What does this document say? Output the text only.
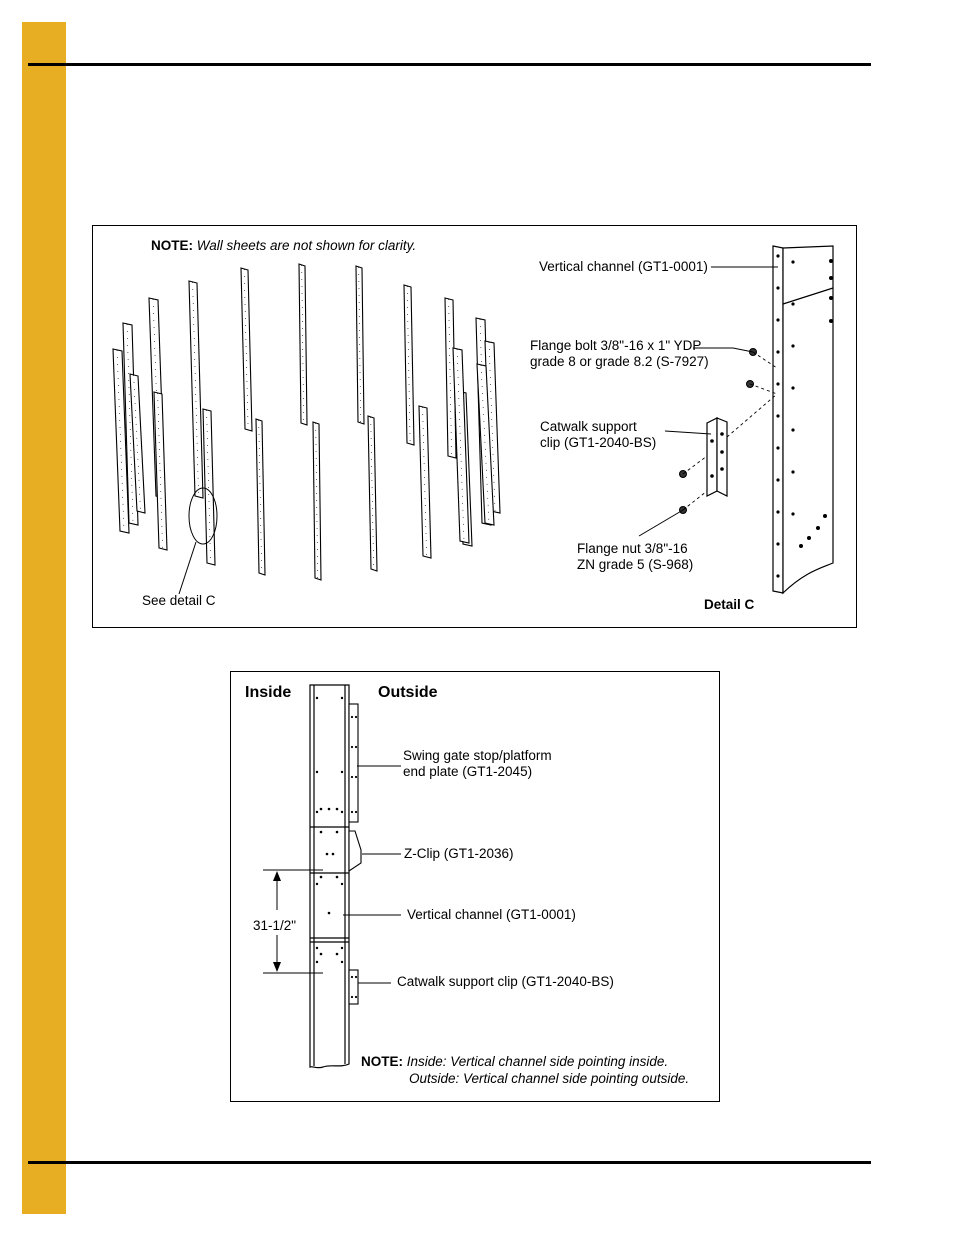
NOTE: Wall sheets are not shown for clarity.
See detail C	Detail C
Vertical channel (GT1-0001)
Flange bolt 3/8"-16 x 1" YDP
grade 8 or grade 8.2 (S-7927)
Catwalk support
clip (GT1-2040-BS)
Flange nut 3/8"-16
ZN grade 5 (S-968)
Inside	Outside
31-1/2"
Swing gate stop/platform
end plate (GT1-2045)
Z-Clip (GT1-2036)
Vertical channel (GT1-0001)
Catwalk support clip (GT1-2040-BS)
NOTE: Inside: Vertical channel side pointing inside.
Outside: Vertical channel side pointing outside.
